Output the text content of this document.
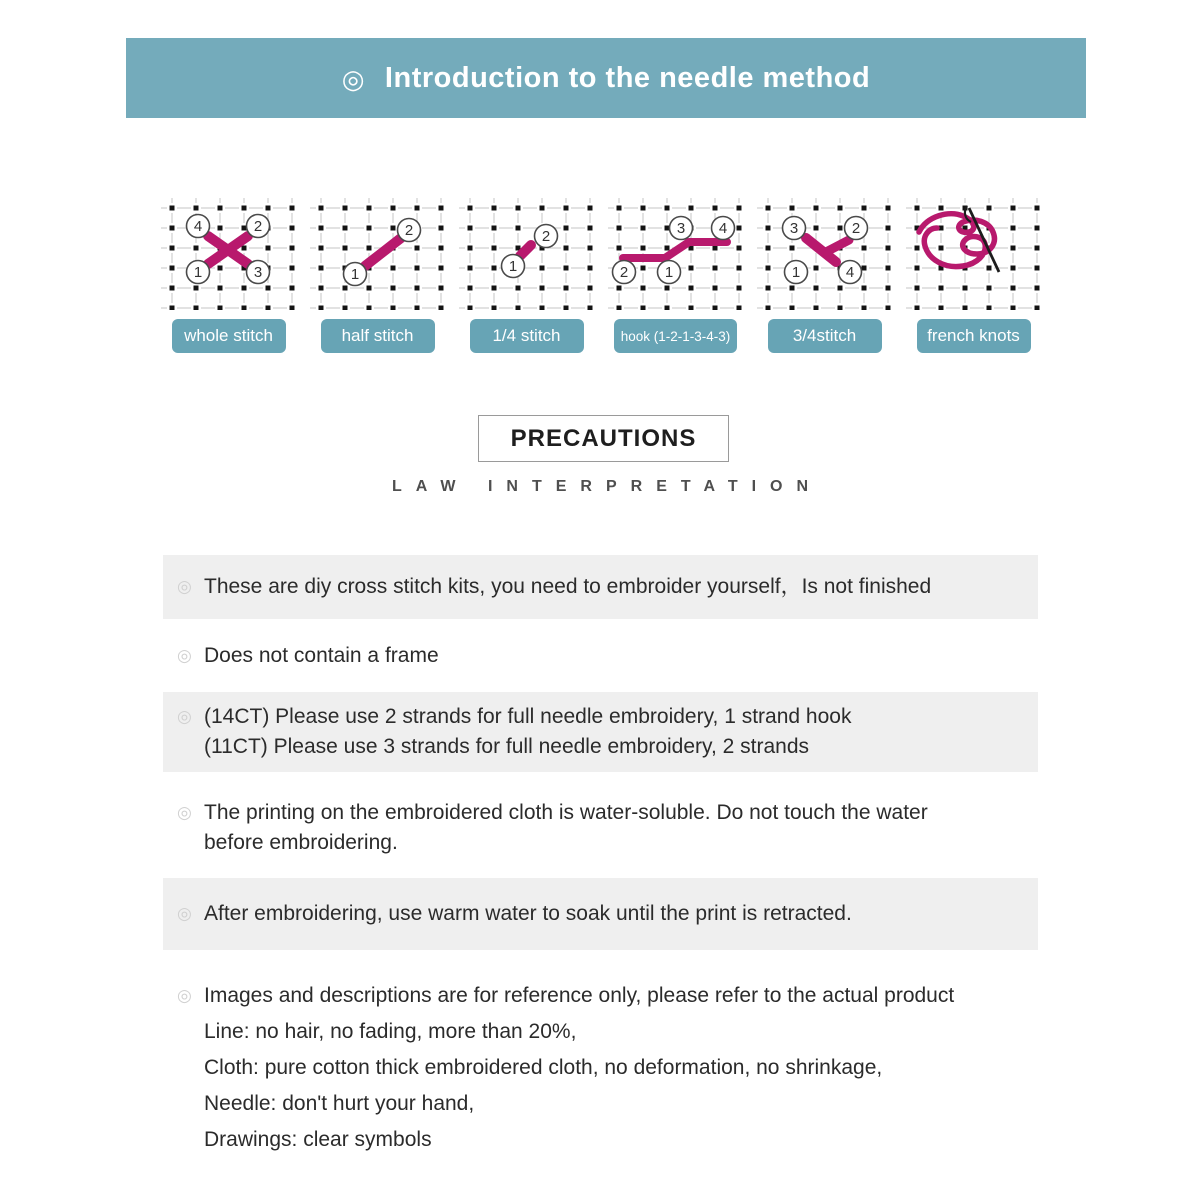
◎ Introduction to the needle method
4	2
1	3
whole stitch
1
2
half stitch
1
2
1/4 stitch
2 1
3 4
hook (1-2-1-3-4-3)
3	2
1	4
3/4stitch	french knots
PRECAUTIONS
LAW INTERPRETATION
◎ These are diy cross stitch kits, you need to embroider yourself，Is not finished
◎ Does not contain a frame
◎ (14CT) Please use 2 strands for full needle embroidery, 1 strand hook
(11CT) Please use 3 strands for full needle embroidery, 2 strands
◎ The printing on the embroidered cloth is water-soluble. Do not touch the water
before embroidering.
◎ After embroidering, use warm water to soak until the print is retracted.
◎ Images and descriptions are for reference only, please refer to the actual product
Line: no hair, no fading, more than 20%,
Cloth: pure cotton thick embroidered cloth, no deformation, no shrinkage,
Needle: don't hurt your hand,
Drawings: clear symbols
